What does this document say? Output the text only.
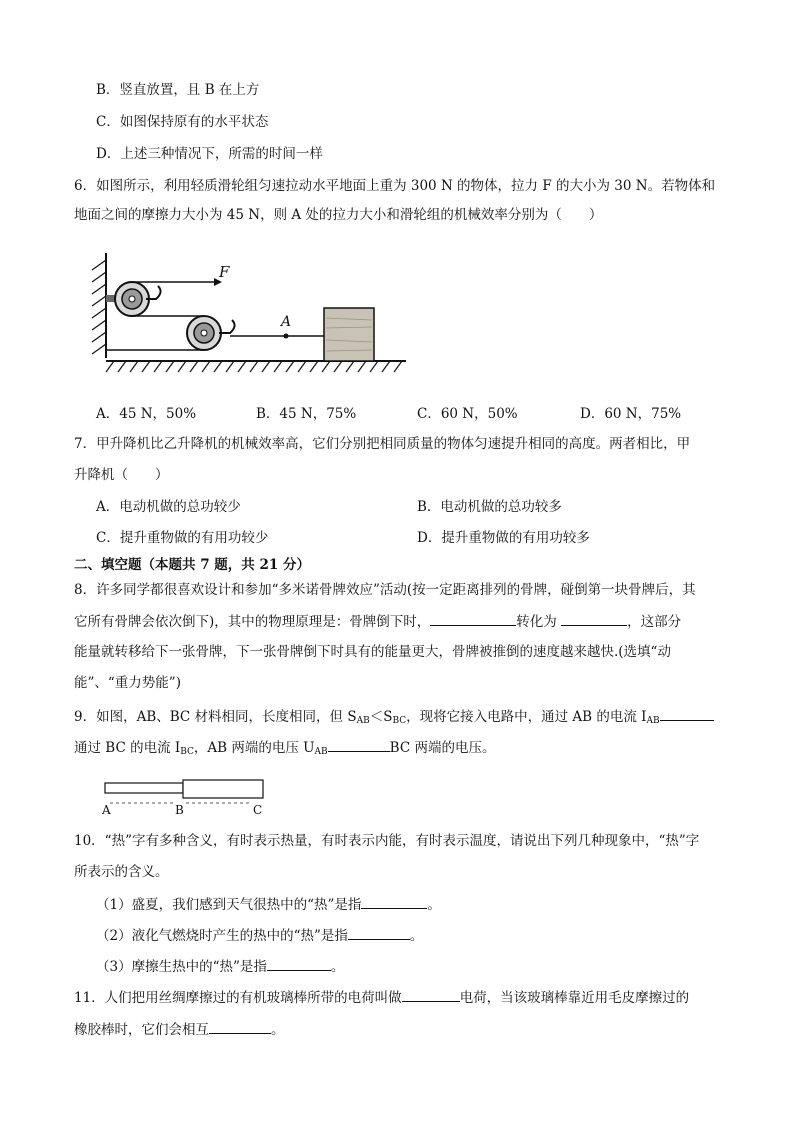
B．竖直放置，且 B 在上方
C．如图保持原有的水平状态
D．上述三种情况下，所需的时间一样
6．如图所示，利用轻质滑轮组匀速拉动水平地面上重为 300 N 的物体，拉力 F 的大小为 30 N。若物体和
地面之间的摩擦力大小为 45 N，则 A 处的拉力大小和滑轮组的机械效率分别为（　　）
F
A
A．45 N，50%	B．45 N，75%	C．60 N，50%	D．60 N，75%
7．甲升降机比乙升降机的机械效率高，它们分别把相同质量的物体匀速提升相同的高度。两者相比，甲
升降机（　　）
A．电动机做的总功较少	B．电动机做的总功较多
C．提升重物做的有用功较少	D．提升重物做的有用功较多
二、填空题（本题共 7 题，共 21 分）
8．许多同学都很喜欢设计和参加“多米诺骨牌效应”活动(按一定距离排列的骨牌，碰倒第一块骨牌后，其
它所有骨牌会依次倒下)，其中的物理原理是：骨牌倒下时，	转化为	，这部分
能量就转移给下一张骨牌，下一张骨牌倒下时具有的能量更大，骨牌被推倒的速度越来越快.(选填“动
能”、“重力势能”)
9．如图，AB、BC 材料相同，长度相同，但 $S_{AB}<S_{BC}$，现将它接入电路中，通过 AB 的电流 $I_{AB}$
通过 BC 的电流 $I_{BC}$，AB 两端的电压 $U_{AB}$	BC 两端的电压。
A	B	C
10．“热”字有多种含义，有时表示热量，有时表示内能，有时表示温度，请说出下列几种现象中，“热”字
所表示的含义。
（1）盛夏，我们感到天气很热中的“热”是指	。
（2）液化气燃烧时产生的热中的“热”是指	。
（3）摩擦生热中的“热”是指	。
11．人们把用丝绸摩擦过的有机玻璃棒所带的电荷叫做	电荷，当该玻璃棒靠近用毛皮摩擦过的
橡胶棒时，它们会相互	。
